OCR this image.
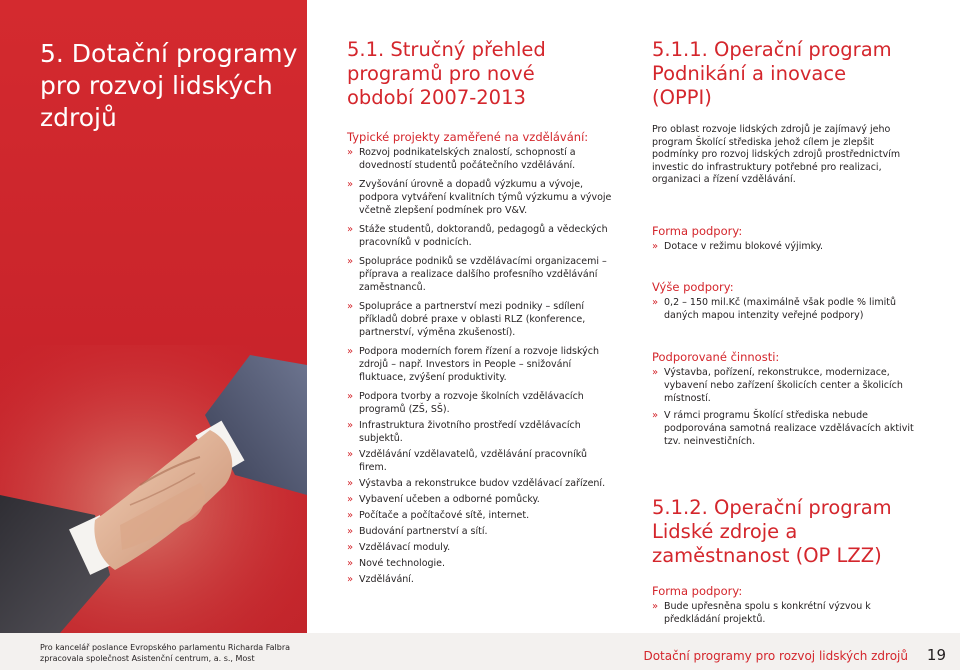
5. Dotační programy pro rozvoj lidských zdrojů
5.1. Stručný přehled programů pro nové období 2007-2013

Typické projekty zaměřené na vzdělávání:

» Rozvoj podnikatelských znalostí, schopností a dovedností studentů počátečního vzdělávání.
» Zvyšování úrovně a dopadů výzkumu a vývoje, podpora vytváření kvalitních týmů výzkumu a vývoje včetně zlepšení podmínek pro V&V.
» Stáže studentů, doktorandů, pedagogů a vědeckých pracovníků v podnicích.
» Spolupráce podniků se vzdělávacími organizacemi – příprava a realizace dalšího profesního vzdělávání zaměstnanců.
» Spolupráce a partnerství mezi podniky – sdílení příkladů dobré praxe v oblasti RLZ (konference, partnerství, výměna zkušeností).
» Podpora moderních forem řízení a rozvoje lidských zdrojů – např. Investors in People – snižování fluktuace, zvýšení produktivity.
» Podpora tvorby a rozvoje školních vzdělávacích programů (ZŠ, SŠ).
» Infrastruktura životního prostředí vzdělávacích subjektů.
» Vzdělávání vzdělavatelů, vzdělávání pracovníků firem.
» Výstavba a rekonstrukce budov vzdělávací zařízení.
» Vybavení učeben a odborné pomůcky.
» Počítače a počítačové sítě, internet.
» Budování partnerství a sítí.
» Vzdělávací moduly.
» Nové technologie.
» Vzdělávání.
5.1.1. Operační program Podnikání a inovace (OPPI)

Pro oblast rozvoje lidských zdrojů je zajímavý jeho program Školící střediska jehož cílem je zlepšit podmínky pro rozvoj lidských zdrojů prostřednictvím investic do infrastruktury potřebné pro realizaci, organizaci a řízení vzdělávání.

Forma podpory:

» Dotace v režimu blokové výjimky.

Výše podpory:

» 0,2 – 150 mil.Kč (maximálně však podle % limitů daných mapou intenzity veřejné podpory)

Podporované činnosti:

» Výstavba, pořízení, rekonstrukce, modernizace, vybavení nebo zařízení školicích center a školicích místností.
» V rámci programu Školící střediska nebude podporována samotná realizace vzdělávacích aktivit tzv. neinvestičních.
5.1.2. Operační program Lidské zdroje a zaměstnanost (OP LZZ)

Forma podpory:

» Bude upřesněna spolu s konkrétní výzvou k předkládání projektů.
Pro kancelář poslance Evropského parlamentu Richarda Falbra
zpracovala společnost Asistenční centrum, a. s., Most	Dotační programy pro rozvoj lidských zdrojů 19
